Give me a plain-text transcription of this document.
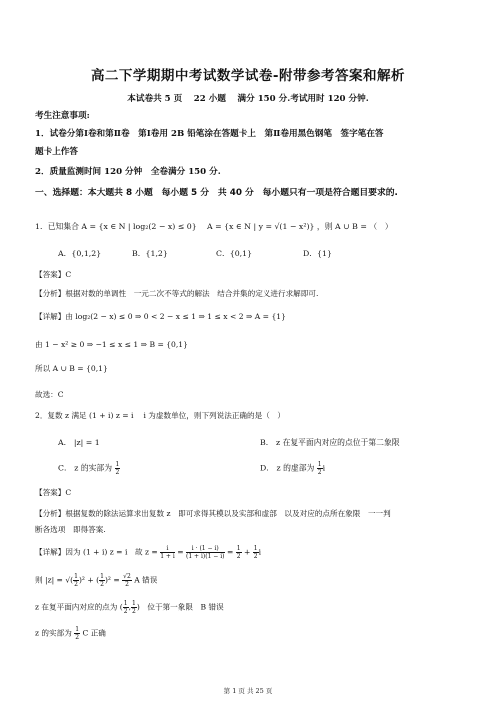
高二下学期期中考试数学试卷-附带参考答案和解析
本试卷共 5 页　 22 小题　 满分 150 分.考试用时 120 分钟.
考生注意事项:
1．试卷分第Ⅰ卷和第Ⅱ卷　第Ⅰ卷用 2B 铅笔涂在答题卡上　第Ⅱ卷用黑色钢笔　签字笔在答
题卡上作答
2．质量监测时间 120 分钟　全卷满分 150 分.
一、选择题：本大题共 8 小题　每小题 5 分　共 40 分　每小题只有一项是符合题目要求的.
1．已知集合 A = {x ∈ N | log₂(2 − x) ≤ 0}　 A = {x ∈ N | y = √(1 − x²)} ，则 A ∪ B = （　）
A．{0,1,2}	B．{1,2}	C．{0,1}	D．{1}
【答案】C
【分析】根据对数的单调性　一元二次不等式的解法　结合并集的定义进行求解即可.
【详解】由 log₂(2 − x) ≤ 0 ⇒ 0 < 2 − x ≤ 1 ⇒ 1 ≤ x < 2 ⇒ A = {1}
由 1 − x² ≥ 0 ⇒ −1 ≤ x ≤ 1 ⇒ B = {0,1}
所以 A ∪ B = {0,1}
故选：C
2．复数 z 满足 (1 + i) z = i　 i 为虚数单位，则下列说法正确的是（　）
A． |z| = 1	B． z 在复平面内对应的点位于第二象限
C． z 的实部为 $\frac{1}{2}$	D． z 的虚部为 $\frac{1}{2}$ i
【答案】C
【分析】根据复数的除法运算求出复数 z　即可求得其模以及实部和虚部　以及对应的点所在象限　一一判
断各选项　即得答案.
【详解】因为 (1 + i) z = i　故 $z = \frac{i}{1 + i} = \frac{i \cdot (1 - i)}{(1 + i)(1 - i)} = \frac{1}{2} + \frac{1}{2}$ i
则 |z| = √( $\frac{1}{2} )^2$ + ( $\frac{1}{2} )^2 = \frac{√2}{2}$ A 错误
z 在复平面内对应的点为 ( $\frac{1}{2}$ , $\frac{1}{2}$ )　位于第一象限　B 错误
z 的实部为 $\frac{1}{2}$ C 正确
第 1 页 共 25 页
